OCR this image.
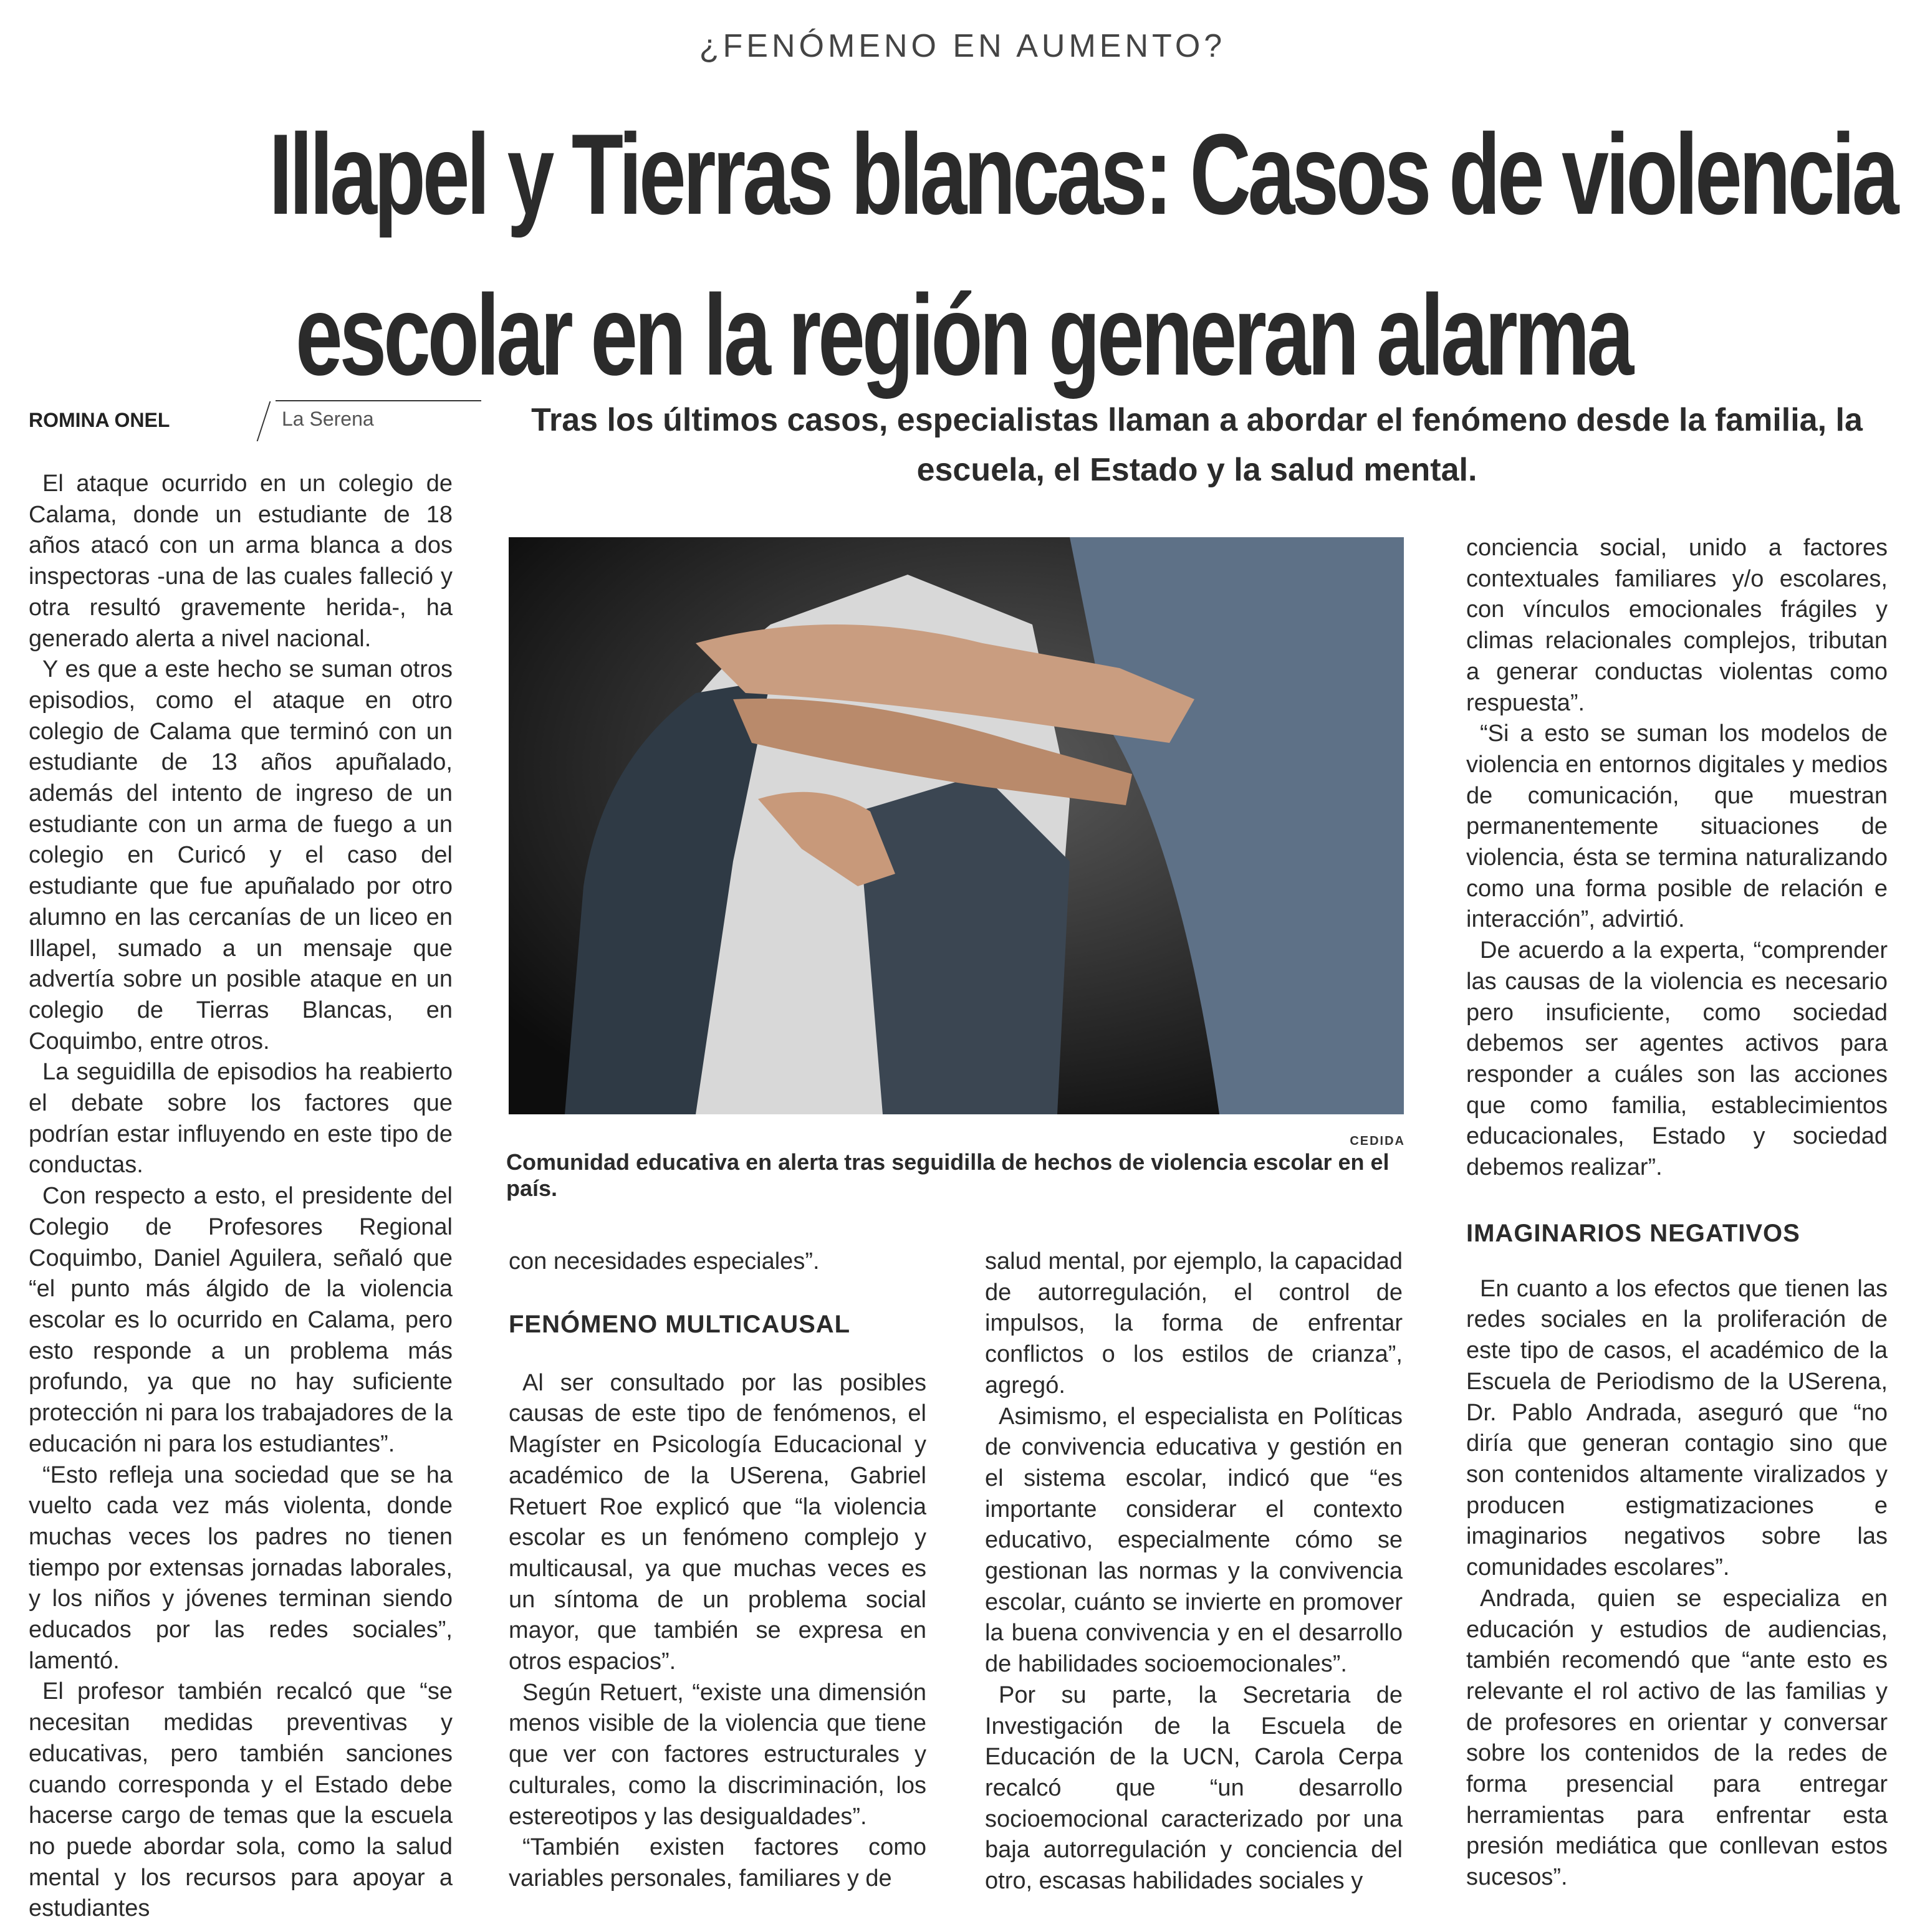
¿FENÓMENO EN AUMENTO?
Illapel y Tierras blancas: Casos de violencia
escolar en la región generan alarma
ROMINA ONEL	La Serena	Tras los últimos casos, especialistas llaman a abordar el fenómeno desde la familia, la escuela, el Estado y la salud mental.

El ataque ocurrido en un colegio de Calama, donde un estudiante de 18 años atacó con un arma blanca a dos inspectoras -una de las cuales falleció y otra resultó gravemente herida-, ha generado alerta a nivel nacional.

Y es que a este hecho se suman otros episodios, como el ataque en otro colegio de Calama que terminó con un estudiante de 13 años apuñalado, además del intento de ingreso de un estudiante con un arma de fuego a un colegio en Curicó y el caso del estudiante que fue apuñalado por otro alumno en las cercanías de un liceo en Illapel, sumado a un mensaje que advertía sobre un posible ataque en un colegio de Tierras Blancas, en Coquimbo, entre otros.

La seguidilla de episodios ha reabierto el debate sobre los factores que podrían estar influyendo en este tipo de conductas.

Con respecto a esto, el presidente del Colegio de Profesores Regional Coquimbo, Daniel Aguilera, señaló que “el punto más álgido de la violencia escolar es lo ocurrido en Calama, pero esto responde a un problema más profundo, ya que no hay suficiente protección ni para los trabajadores de la educación ni para los estudiantes”.

“Esto refleja una sociedad que se ha vuelto cada vez más violenta, donde muchas veces los padres no tienen tiempo por extensas jornadas laborales, y los niños y jóvenes terminan siendo educados por las redes sociales”, lamentó.

El profesor también recalcó que “se necesitan medidas preventivas y educativas, pero también sanciones cuando corresponda y el Estado debe hacerse cargo de temas que la escuela no puede abordar sola, como la salud mental y los recursos para apoyar a estudiantes

CEDIDA
Comunidad educativa en alerta tras seguidilla de hechos de violencia escolar en el país.

con necesidades especiales”.

FENÓMENO MULTICAUSAL

Al ser consultado por las posibles causas de este tipo de fenómenos, el Magíster en Psicología Educacional y académico de la USerena, Gabriel Retuert Roe explicó que “la violencia escolar es un fenómeno complejo y multicausal, ya que muchas veces es un síntoma de un problema social mayor, que también se expresa en otros espacios”.

Según Retuert, “existe una dimensión menos visible de la violencia que tiene que ver con factores estructurales y culturales, como la discriminación, los estereotipos y las desigualdades”.

“También existen factores como variables personales, familiares y de

salud mental, por ejemplo, la capacidad de autorregulación, el control de impulsos, la forma de enfrentar conflictos o los estilos de crianza”, agregó.

Asimismo, el especialista en Políticas de convivencia educativa y gestión en el sistema escolar, indicó que “es importante considerar el contexto educativo, especialmente cómo se gestionan las normas y la convivencia escolar, cuánto se invierte en promover la buena convivencia y en el desarrollo de habilidades socioemocionales”.

Por su parte, la Secretaria de Investigación de la Escuela de Educación de la UCN, Carola Cerpa recalcó que “un desarrollo socioemocional caracterizado por una baja autorregulación y conciencia del otro, escasas habilidades sociales y

conciencia social, unido a factores contextuales familiares y/o escolares, con vínculos emocionales frágiles y climas relacionales complejos, tributan a generar conductas violentas como respuesta”.

“Si a esto se suman los modelos de violencia en entornos digitales y medios de comunicación, que muestran permanentemente situaciones de violencia, ésta se termina naturalizando como una forma posible de relación e interacción”, advirtió.

De acuerdo a la experta, “comprender las causas de la violencia es necesario pero insuficiente, como sociedad debemos ser agentes activos para responder a cuáles son las acciones que como familia, establecimientos educacionales, Estado y sociedad debemos realizar”.

IMAGINARIOS NEGATIVOS

En cuanto a los efectos que tienen las redes sociales en la proliferación de este tipo de casos, el académico de la Escuela de Periodismo de la USerena, Dr. Pablo Andrada, aseguró que “no diría que generan contagio sino que son contenidos altamente viralizados y producen estigmatizaciones e imaginarios negativos sobre las comunidades escolares”.

Andrada, quien se especializa en educación y estudios de audiencias, también recomendó que “ante esto es relevante el rol activo de las familias y de profesores en orientar y conversar sobre los contenidos de la redes de forma presencial para entregar herramientas para enfrentar esta presión mediática que conllevan estos sucesos”.
